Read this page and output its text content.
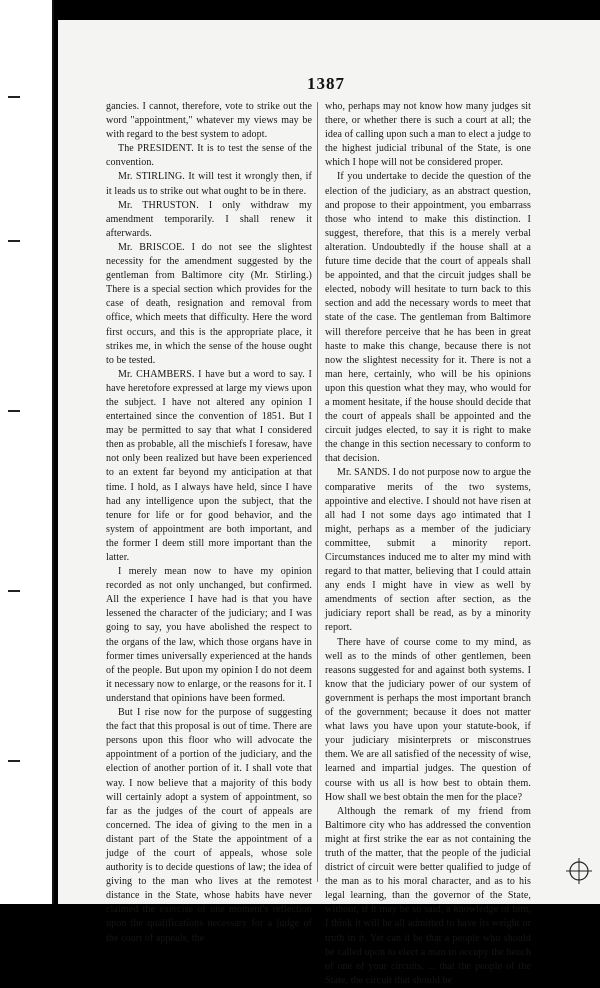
1387

gancies. I cannot, therefore, vote to strike out the word "appointment," whatever my views may be with regard to the best system to adopt.

The PRESIDENT. It is to test the sense of the convention.

Mr. STIRLING. It will test it wrongly then, if it leads us to strike out what ought to be in there.

Mr. THRUSTON. I only withdraw my amendment temporarily. I shall renew it afterwards.

Mr. BRISCOE. I do not see the slightest necessity for the amendment suggested by the gentleman from Baltimore city (Mr. Stirling.) There is a special section which provides for the case of death, resignation and removal from office, which meets that difficulty. Here the word first occurs, and this is the appropriate place, it strikes me, in which the sense of the house ought to be tested.

Mr. CHAMBERS. I have but a word to say. I have heretofore expressed at large my views upon the subject. I have not altered any opinion I entertained since the convention of 1851. But I may be permitted to say that what I considered then as probable, all the mischiefs I foresaw, have not only been realized but have been experienced to an extent far beyond my anticipation at that time. I hold, as I always have held, since I have had any intelligence upon the subject, that the tenure for life or for good behavior, and the system of appointment are both important, and the former I deem still more important than the latter.

I merely mean now to have my opinion recorded as not only unchanged, but confirmed. All the experience I have had is that you have lessened the character of the judiciary; and I was going to say, you have abolished the respect to the organs of the law, which those organs have in former times universally experienced at the hands of the people. But upon my opinion I do not deem it necessary now to enlarge, or the reasons for it. I understand that opinions have been formed.

But I rise now for the purpose of suggesting the fact that this proposal is out of time. There are persons upon this floor who will advocate the appointment of a portion of the judiciary, and the election of another portion of it. I shall vote that way. I now believe that a majority of this body will certainly adopt a system of appointment, so far as the judges of the court of appeals are concerned. The idea of giving to the men in a distant part of the State the appointment of a judge of the court of appeals, whose sole authority is to decide questions of law; the idea of giving to the man who lives at the remotest distance in the State, whose habits have never claimed the exercise of one moment's reflection upon the qualifications necessary for a judge of the court of appeals, the

who, perhaps may not know how many judges sit there, or whether there is such a court at all; the idea of calling upon such a man to elect a judge to the highest judicial tribunal of the State, is one which I hope will not be considered proper.

If you undertake to decide the question of the election of the judiciary, as an abstract question, and propose to their appointment, you embarrass those who intend to make this distinction. I suggest, therefore, that this is a merely verbal alteration. Undoubtedly if the house shall at a future time decide that the court of appeals shall be appointed, and that the circuit judges shall be elected, nobody will hesitate to turn back to this section and add the necessary words to meet that state of the case. The gentleman from Baltimore will therefore perceive that he has been in great haste to make this change, because there is not now the slightest necessity for it. There is not a man here, certainly, who will be his opinions upon this question what they may, who would for a moment hesitate, if the house should decide that the court of appeals shall be appointed and the circuit judges elected, to say it is right to make the change in this section necessary to conform to that decision.

Mr. SANDS. I do not purpose now to argue the comparative merits of the two systems, appointive and elective. I should not have risen at all had I not some days ago intimated that I might, perhaps as a member of the judiciary committee, submit a minority report. Circumstances induced me to alter my mind with regard to that matter, believing that I could attain any ends I might have in view as well by amendments of section after section, as the judiciary report shall be read, as by a minority report.

There have of course come to my mind, as well as to the minds of other gentlemen, been reasons suggested for and against both systems. I know that the judiciary power of our system of government is perhaps the most important branch of the government; because it does not matter what laws you have upon your statute-book, if your judiciary misinterprets or misconstrues them. We are all satisfied of the necessity of wise, learned and impartial judges. The question of course with us all is how best to obtain them. How shall we best obtain the men for the place?

Although the remark of my friend from Baltimore city who has addressed the convention might at first strike the ear as not containing the truth of the matter, that the people of the judicial district of circuit were better qualified to judge of the man as to his moral character, and as to his legal learning, than the governor of the State, without, if it may be so said, a knowledge of him, I think it will be all admitted to have its weight or truth in it. Yet can it be that a people who should be called upon to elect a man to occupy the bench of one of your circuits, ... that the people of the State, the circuit that should be
